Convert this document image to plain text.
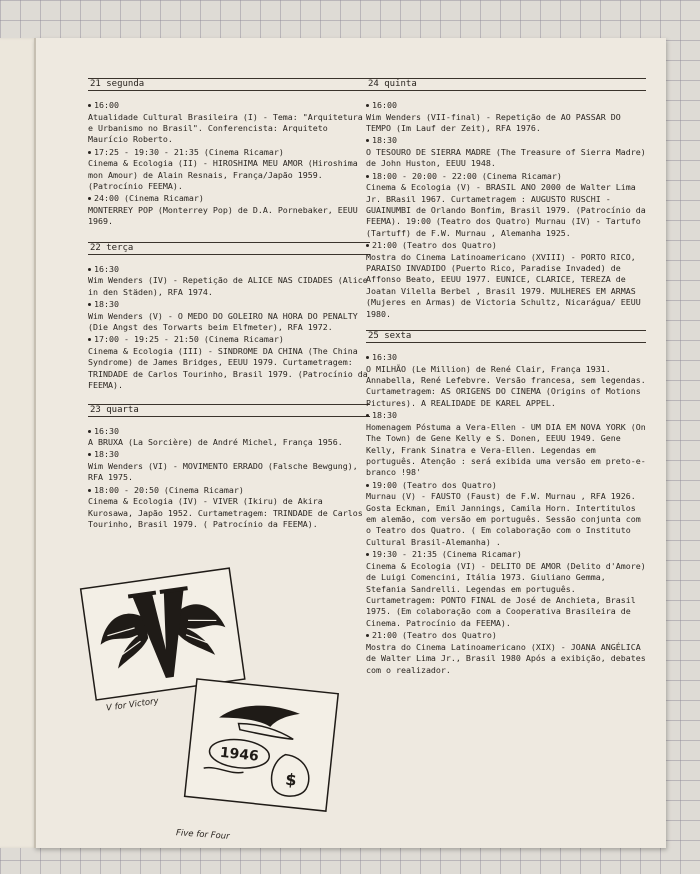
21 segunda
16:00
Atualidade Cultural Brasileira (I) - Tema: "Arquitetura e Urbanismo no Brasil". Conferencista: Arquiteto Maurício Roberto.
17:25 - 19:30 - 21:35 (Cinema Ricamar)
Cinema & Ecologia (II) - HIROSHIMA MEU AMOR (Hiroshima mon Amour) de Alain Resnais, França/Japão 1959. (Patrocínio FEEMA).
24:00 (Cinema Ricamar)
MONTERREY POP (Monterrey Pop) de D.A. Pornebaker, EEUU 1969.
22 terça
16:30
Wim Wenders (IV) - Repetição de ALICE NAS CIDADES (Alice in den Städen), RFA 1974.
18:30
Wim Wenders (V) - O MEDO DO GOLEIRO NA HORA DO PENALTY (Die Angst des Torwarts beim Elfmeter), RFA 1972.
17:00 - 19:25 - 21:50 (Cinema Ricamar)
Cinema & Ecologia (III) - SINDROME DA CHINA (The China Syndrome) de James Bridges, EEUU 1979. Curtametragem: TRINDADE de Carlos Tourinho, Brasil 1979. (Patrocínio da FEEMA).
23 quarta
16:30
A BRUXA (La Sorcière) de André Michel, França 1956.
18:30
Wim Wenders (VI) - MOVIMENTO ERRADO (Falsche Bewgung), RFA 1975.
18:00 - 20:50 (Cinema Ricamar)
Cinema & Ecologia (IV) - VIVER (Ikiru) de Akira Kurosawa, Japão 1952. Curtametragem: TRINDADE de Carlos Tourinho, Brasil 1979. ( Patrocínio da FEEMA).
24 quinta
16:00
Wim Wenders (VII-final) - Repetição de AO PASSAR DO TEMPO (Im Lauf der Zeit), RFA 1976.
18:30
O TESOURO DE SIERRA MADRE (The Treasure of Sierra Madre) de John Huston, EEUU 1948.
18:00 - 20:00 - 22:00 (Cinema Ricamar)
Cinema & Ecologia (V) - BRASIL ANO 2000 de Walter Lima Jr. BRasil 1967. Curtametragem : AUGUSTO RUSCHI - GUAINUMBI de Orlando Bonfim, Brasil 1979. (Patrocínio da FEEMA). 19:00 (Teatro dos Quatro) Murnau (IV) - Tartufo (Tartuff) de F.W. Murnau , Alemanha 1925.
21:00 (Teatro dos Quatro)
Mostra do Cinema Latinoamericano (XVIII) - PORTO RICO, PARAISO INVADIDO (Puerto Rico, Paradise Invaded) de Affonso Beato, EEUU 1977. EUNICE, CLARICE, TEREZA de Joatan Vilella Berbel , Brasil 1979. MULHERES EM ARMAS (Mujeres en Armas) de Victoria Schultz, Nicarágua/ EEUU 1980.
25 sexta
16:30
O MILHÃO (Le Million) de René Clair, França 1931. Annabella, René Lefebvre. Versão francesa, sem legendas. Curtametragem: AS ORIGENS DO CINEMA (Origins of Motions Pictures). A REALIDADE DE KAREL APPEL.
18:30
Homenagem Póstuma a Vera-Ellen - UM DIA EM NOVA YORK (On The Town) de Gene Kelly e S. Donen, EEUU 1949. Gene Kelly, Frank Sinatra e Vera-Ellen. Legendas em português. Atenção : será exibida uma versão em preto-e-branco !98'
19:00 (Teatro dos Quatro)
Murnau (V) - FAUSTO (Faust) de F.W. Murnau , RFA 1926. Gosta Eckman, Emil Jannings, Camila Horn. Intertitulos em alemão, com versão em português. Sessão conjunta com o Teatro dos Quatro. ( Em colaboração com o Instituto Cultural Brasil-Alemanha) .
19:30 - 21:35 (Cinema Ricamar)
Cinema & Ecologia (VI) - DELITO DE AMOR (Delito d'Amore) de Luigi Comencini, Itália 1973. Giuliano Gemma, Stefania Sandrelli. Legendas em português. Curtametragem: PONTO FINAL de José de Anchieta, Brasil 1975. (Em colaboração com a Cooperativa Brasileira de Cinema. Patrocínio da FEEMA).
21:00 (Teatro dos Quatro)
Mostra do Cinema Latinoamericano (XIX) - JOANA ANGÉLICA de Walter Lima Jr., Brasil 1980 Após a exibição, debates com o realizador.
V for Victory
1946
$
Five for Four
